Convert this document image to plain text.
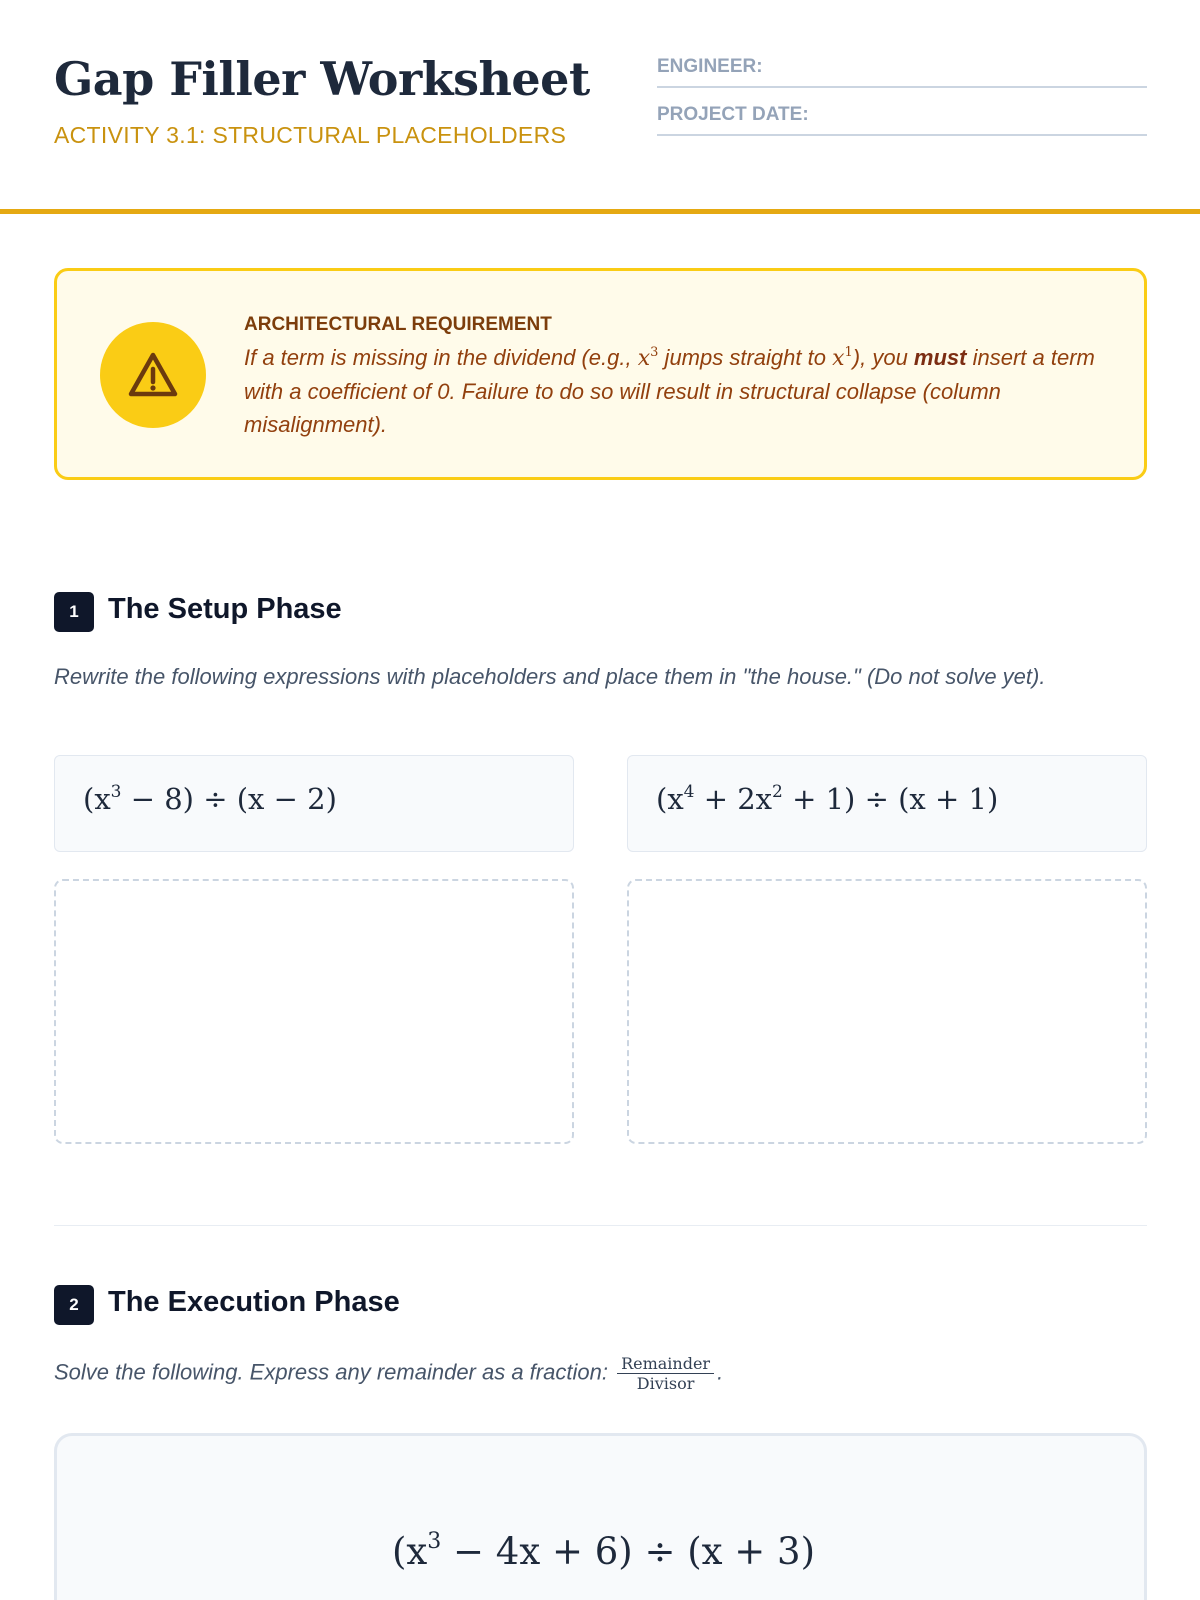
Gap Filler Worksheet
ACTIVITY 3.1: STRUCTURAL PLACEHOLDERS
ENGINEER:
PROJECT DATE:
ARCHITECTURAL REQUIREMENT
If a term is missing in the dividend (e.g., $x^3$ jumps straight to $x^1$), you must insert a term with a coefficient of 0. Failure to do so will result in structural collapse (column misalignment).
1	The Setup Phase
Rewrite the following expressions with placeholders and place them in "the house." (Do not solve yet).
$(x^3 - 8) \div (x - 2)$	$(x^4 + 2x^2 + 1) \div (x + 1)$
2	The Execution Phase
Solve the following. Express any remainder as a fraction: $\frac{\text{Remainder}}{\text{Divisor}}$ .
$(x^3 - 4x + 6) \div (x + 3)$
